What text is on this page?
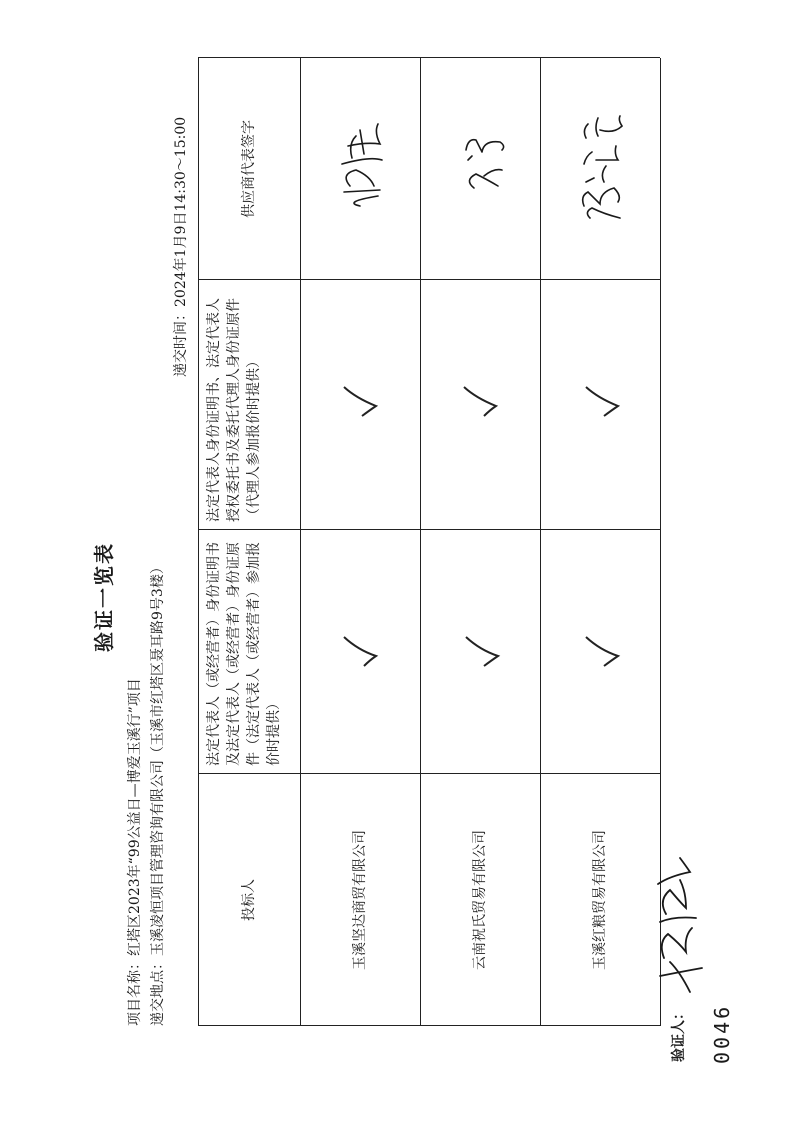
验证一览表
项目名称：红塔区2023年“99公益日—博爱玉溪行”项目 递交地点：玉溪凌恒项目管理咨询有限公司（玉溪市红塔区聂耳路9号3楼）
递交时间：2024年1月9日14:30～15:00
投标人
法定代表人（或经营者）身份证明书及法定代表人（或经营者）身份证原件（法定代表人（或经营者）参加报价时提供）
法定代表人身份证明书、法定代表人授权委托书及委托代理人身份证原件（代理人参加报价时提供）
供应商代表签字
玉溪坚达商贸有限公司	云南祝氏贸易有限公司	玉溪红粮贸易有限公司
验证人： 0046
